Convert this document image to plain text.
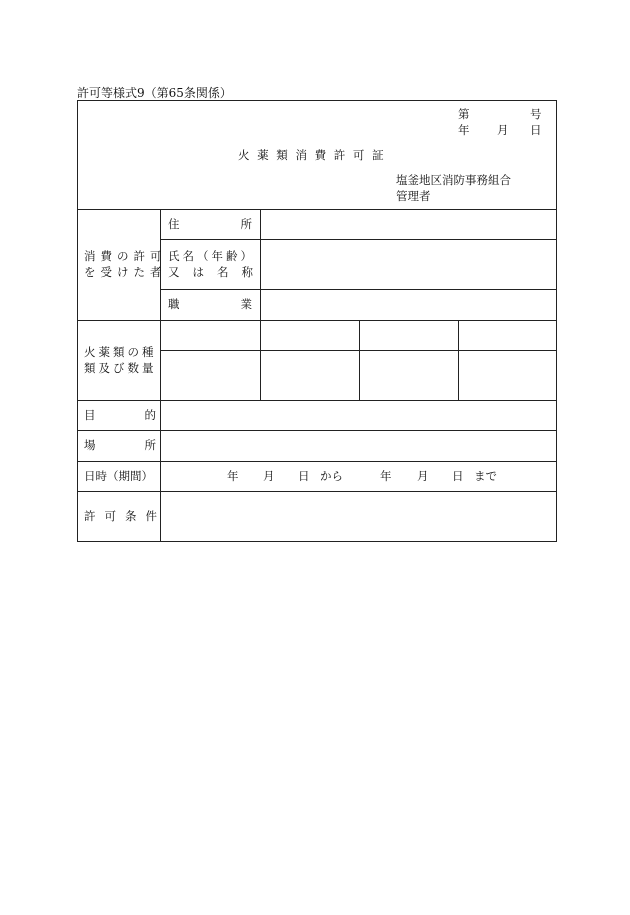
許可等様式9（第65条関係）
第	号
年 月 日
火 薬 類 消 費 許 可 証
塩釜地区消防事務組合
管理者
消費の許可
を受けた者
住所
氏名（年齢）
又は名称
職業
火薬類の種
類及び数量
目的
場所
日時（期間）	年 月 日 から	年 月 日 まで
許可条件
